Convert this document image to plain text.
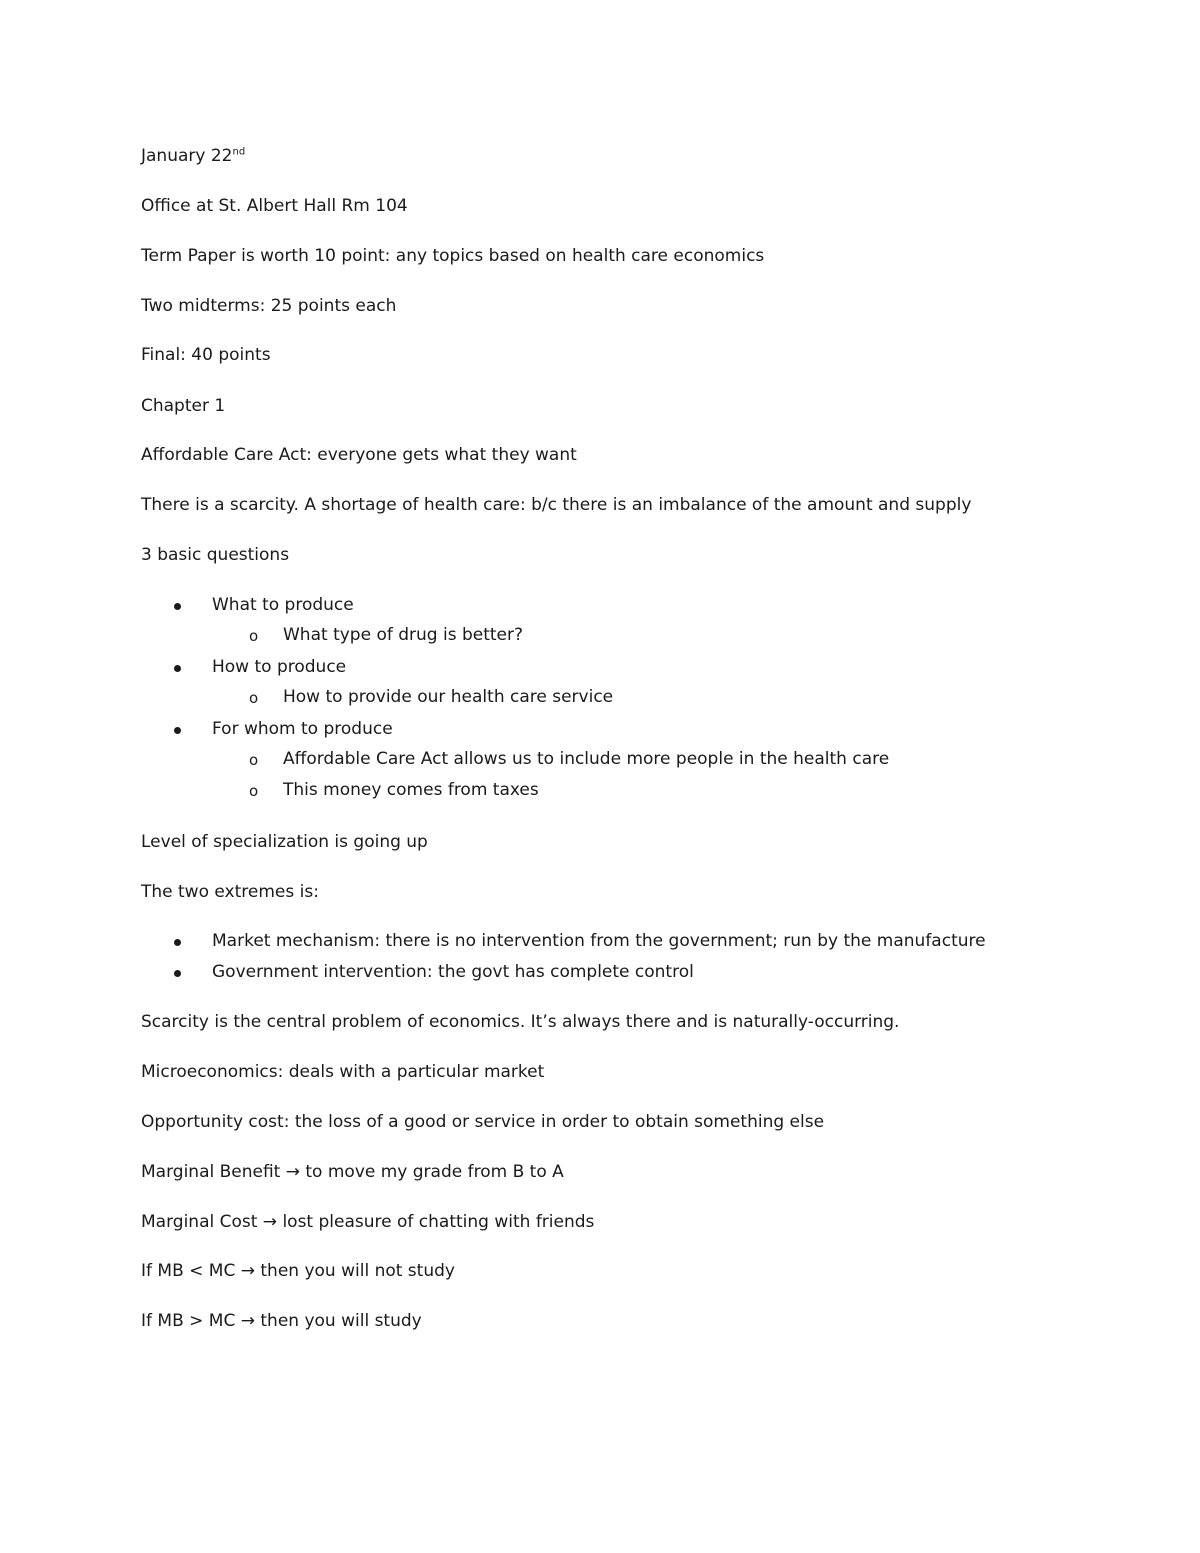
January 22nd

Office at St. Albert Hall Rm 104

Term Paper is worth 10 point: any topics based on health care economics

Two midterms: 25 points each

Final: 40 points

Chapter 1

Affordable Care Act: everyone gets what they want

There is a scarcity. A shortage of health care: b/c there is an imbalance of the amount and supply

3 basic questions

What to produce
o What type of drug is better?
How to produce
o How to provide our health care service
For whom to produce
o Affordable Care Act allows us to include more people in the health care
o This money comes from taxes

Level of specialization is going up

The two extremes is:

Market mechanism: there is no intervention from the government; run by the manufacture
Government intervention: the govt has complete control

Scarcity is the central problem of economics. It’s always there and is naturally-occurring.

Microeconomics: deals with a particular market

Opportunity cost: the loss of a good or service in order to obtain something else

Marginal Benefit → to move my grade from B to A

Marginal Cost → lost pleasure of chatting with friends

If MB < MC → then you will not study

If MB > MC → then you will study
